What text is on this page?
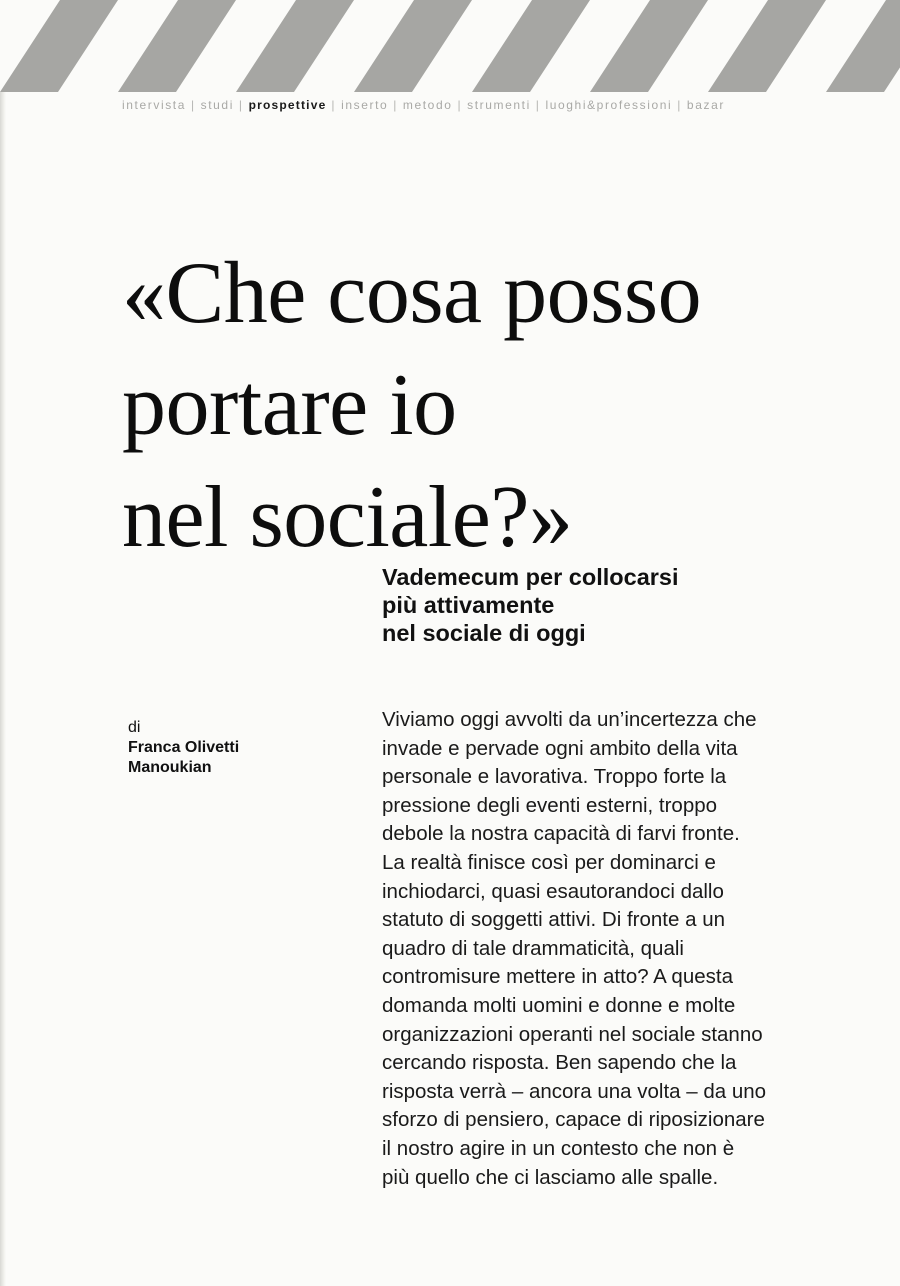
intervista | studi | prospettive | inserto | metodo | strumenti | luoghi&professioni | bazar
«Che cosa posso
portare io
nel sociale?»
Vademecum per collocarsi
più attivamente
nel sociale di oggi
di
Franca Olivetti
Manoukian

Viviamo oggi avvolti da un’incertezza che
invade e pervade ogni ambito della vita
personale e lavorativa. Troppo forte la
pressione degli eventi esterni, troppo
debole la nostra capacità di farvi fronte.
La realtà finisce così per dominarci e
inchiodarci, quasi esautorandoci dallo
statuto di soggetti attivi. Di fronte a un
quadro di tale drammaticità, quali
contromisure mettere in atto? A questa
domanda molti uomini e donne e molte
organizzazioni operanti nel sociale stanno
cercando risposta. Ben sapendo che la
risposta verrà – ancora una volta – da uno
sforzo di pensiero, capace di riposizionare
il nostro agire in un contesto che non è
più quello che ci lasciamo alle spalle.
